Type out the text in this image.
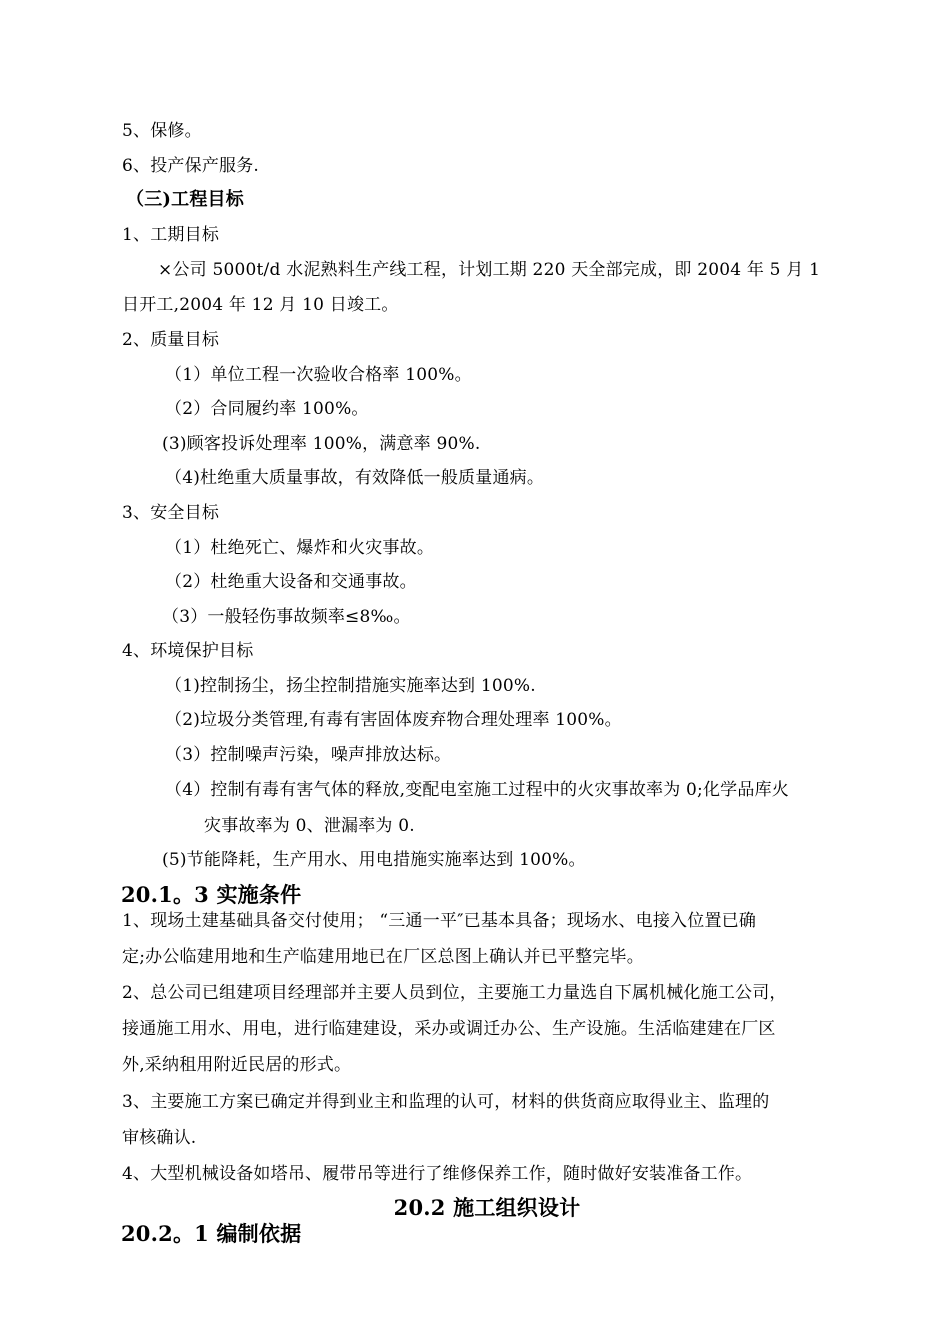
5、保修。
6、投产保产服务.
（三)工程目标
1、工期目标
×公司 5000t/d 水泥熟料生产线工程，计划工期 220 天全部完成，即 2004 年 5 月 1
日开工,2004 年 12 月 10 日竣工。
2、质量目标
（1）单位工程一次验收合格率 100%。
（2）合同履约率 100%。
(3)顾客投诉处理率 100%，满意率 90%.
（4)杜绝重大质量事故，有效降低一般质量通病。
3、安全目标
（1）杜绝死亡、爆炸和火灾事故。
（2）杜绝重大设备和交通事故。
（3）一般轻伤事故频率≤8‰。
4、环境保护目标
（1)控制扬尘，扬尘控制措施实施率达到 100%.
（2)垃圾分类管理,有毒有害固体废弃物合理处理率 100%。
（3）控制噪声污染，噪声排放达标。
（4）控制有毒有害气体的释放,变配电室施工过程中的火灾事故率为 0;化学品库火
灾事故率为 0、泄漏率为 0.
(5)节能降耗，生产用水、用电措施实施率达到 100%。
20.1。3 实施条件
1、现场土建基础具备交付使用； “三通一平″已基本具备；现场水、电接入位置已确
定;办公临建用地和生产临建用地已在厂区总图上确认并已平整完毕。
2、总公司已组建项目经理部并主要人员到位，主要施工力量选自下属机械化施工公司，
接通施工用水、用电，进行临建建设，采办或调迁办公、生产设施。生活临建建在厂区
外,采纳租用附近民居的形式。
3、主要施工方案已确定并得到业主和监理的认可，材料的供货商应取得业主、监理的
审核确认.
4、大型机械设备如塔吊、履带吊等进行了维修保养工作，随时做好安装准备工作。
20.2 施工组织设计
20.2。1 编制依据
